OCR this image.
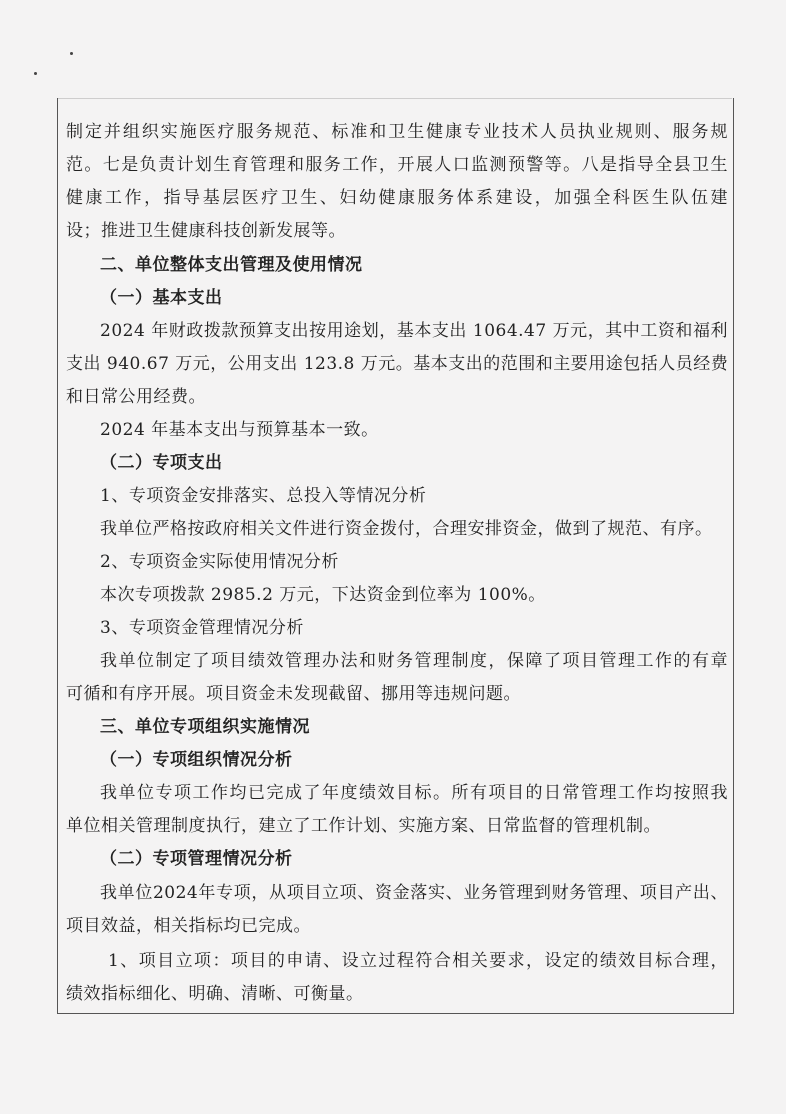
制定并组织实施医疗服务规范、标准和卫生健康专业技术人员执业规则、服务规
范。七是负责计划生育管理和服务工作，开展人口监测预警等。八是指导全县卫生
健康工作，指导基层医疗卫生、妇幼健康服务体系建设，加强全科医生队伍建
设；推进卫生健康科技创新发展等。
二、单位整体支出管理及使用情况
（一）基本支出
2024 年财政拨款预算支出按用途划，基本支出 1064.47 万元，其中工资和福利
支出 940.67 万元，公用支出 123.8 万元。基本支出的范围和主要用途包括人员经费
和日常公用经费。
2024 年基本支出与预算基本一致。
（二）专项支出
1、专项资金安排落实、总投入等情况分析
我单位严格按政府相关文件进行资金拨付，合理安排资金，做到了规范、有序。
2、专项资金实际使用情况分析
本次专项拨款 2985.2 万元，下达资金到位率为 100%。
3、专项资金管理情况分析
我单位制定了项目绩效管理办法和财务管理制度，保障了项目管理工作的有章
可循和有序开展。项目资金未发现截留、挪用等违规问题。
三、单位专项组织实施情况
（一）专项组织情况分析
我单位专项工作均已完成了年度绩效目标。所有项目的日常管理工作均按照我
单位相关管理制度执行，建立了工作计划、实施方案、日常监督的管理机制。
（二）专项管理情况分析
我单位2024年专项，从项目立项、资金落实、业务管理到财务管理、项目产出、
项目效益，相关指标均已完成。
1、项目立项：项目的申请、设立过程符合相关要求，设定的绩效目标合理，
绩效指标细化、明确、清晰、可衡量。
